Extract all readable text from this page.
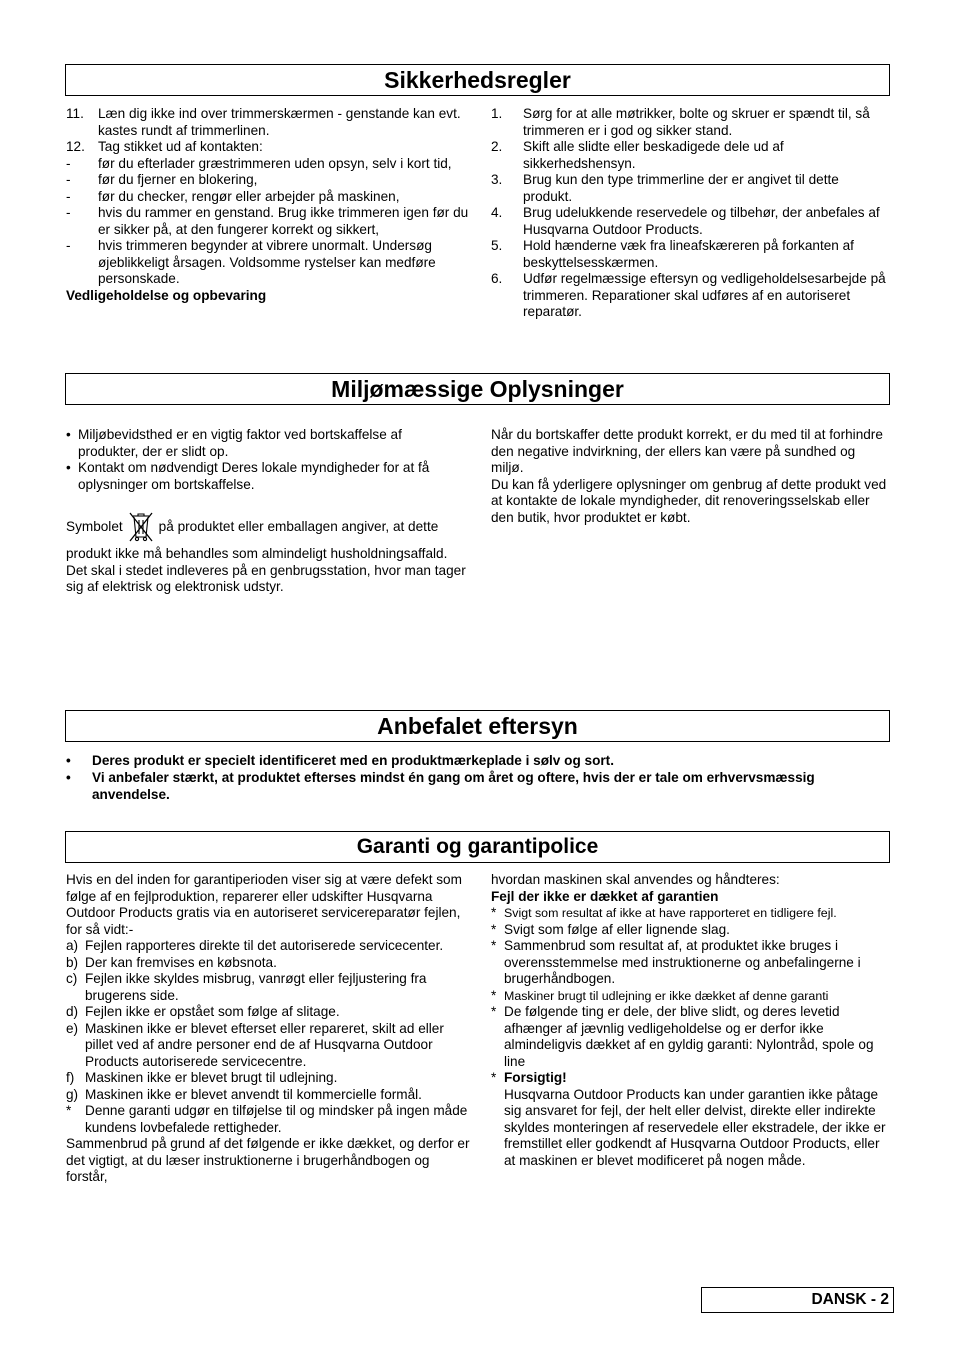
Sikkerhedsregler
11.	Læn dig ikke ind over trimmerskærmen - genstande kan evt. kastes rundt af trimmerlinen.
12. Tag stikket ud af kontakten:
-	før du efterlader græstrimmeren uden opsyn, selv i kort tid,
-	før du fjerner en blokering,
-	før du checker, rengør eller arbejder på maskinen,
-	hvis du rammer en genstand. Brug ikke trimmeren igen før du er sikker på, at den fungerer korrekt og sikkert,
-	hvis trimmeren begynder at vibrere unormalt. Undersøg øjeblikkeligt årsagen. Voldsomme rystelser kan medføre personskade.
Vedligeholdelse og opbevaring
1.	Sørg for at alle møtrikker, bolte og skruer er spændt til, så trimmeren er i god og sikker stand.
2.	Skift alle slidte eller beskadigede dele ud af sikkerhedshensyn.
3.	Brug kun den type trimmerline der er angivet til dette produkt.
4.	Brug udelukkende reservedele og tilbehør, der anbefales af Husqvarna Outdoor Products.
5.	Hold hænderne væk fra lineafskæreren på forkanten af beskyttelsesskærmen.
6.	Udfør regelmæssige eftersyn og vedligeholdelsesarbejde på trimmeren. Reparationer skal udføres af en autoriseret reparatør.
Miljømæssige Oplysninger
• Miljøbevidsthed er en vigtig faktor ved bortskaffelse af produkter, der er slidt op.
• Kontakt om nødvendigt Deres lokale myndigheder for at få oplysninger om bortskaffelse.
Symbolet	på produktet eller emballagen angiver, at dette produkt ikke må behandles som almindeligt husholdningsaffald. Det skal i stedet indleveres på en genbrugsstation, hvor man tager sig af elektrisk og elektronisk udstyr.
Når du bortskaffer dette produkt korrekt, er du med til at forhindre den negative indvirkning, der ellers kan være på sundhed og miljø.
Du kan få yderligere oplysninger om genbrug af dette produkt ved at kontakte de lokale myndigheder, dit renoveringsselskab eller den butik, hvor produktet er købt.
Anbefalet eftersyn
•	Deres produkt er specielt identificeret med en produktmærkeplade i sølv og sort.
•	Vi anbefaler stærkt, at produktet efterses mindst én gang om året og oftere, hvis der er tale om erhvervsmæssig anvendelse.
Garanti og garantipolice
Hvis en del inden for garantiperioden viser sig at være defekt som følge af en fejlproduktion, reparerer eller udskifter Husqvarna Outdoor Products gratis via en autoriseret servicereparatør fejlen, for så vidt:-
a) Fejlen rapporteres direkte til det autoriserede servicecenter.
b) Der kan fremvises en købsnota.
c) Fejlen ikke skyldes misbrug, vanrøgt eller fejljustering fra brugerens side.
d) Fejlen ikke er opstået som følge af slitage.
e) Maskinen ikke er blevet efterset eller repareret, skilt ad eller pillet ved af andre personer end de af Husqvarna Outdoor Products autoriserede servicecentre.
f) Maskinen ikke er blevet brugt til udlejning.
g) Maskinen ikke er blevet anvendt til kommercielle formål.
*	Denne garanti udgør en tilføjelse til og mindsker på ingen måde kundens lovbefalede rettigheder.
Sammenbrud på grund af det følgende er ikke dækket, og derfor er det vigtigt, at du læser instruktionerne i brugerhåndbogen og forstår,
hvordan maskinen skal anvendes og håndteres:
Fejl der ikke er dækket af garantien
* Svigt som resultat af ikke at have rapporteret en tidligere fejl.
* Svigt som følge af eller lignende slag.
* Sammenbrud som resultat af, at produktet ikke bruges i overensstemmelse med instruktionerne og anbefalingerne i brugerhåndbogen.
* Maskiner brugt til udlejning er ikke dækket af denne garanti
* De følgende ting er dele, der blive slidt, og deres levetid afhænger af jævnlig vedligeholdelse og er derfor ikke almindeligvis dækket af en gyldig garanti: Nylontråd, spole og line
* Forsigtig!
Husqvarna Outdoor Products kan under garantien ikke påtage sig ansvaret for fejl, der helt eller delvist, direkte eller indirekte skyldes monteringen af reservedele eller ekstradele, der ikke er fremstillet eller godkendt af Husqvarna Outdoor Products, eller at maskinen er blevet modificeret på nogen måde.
DANSK - 2
